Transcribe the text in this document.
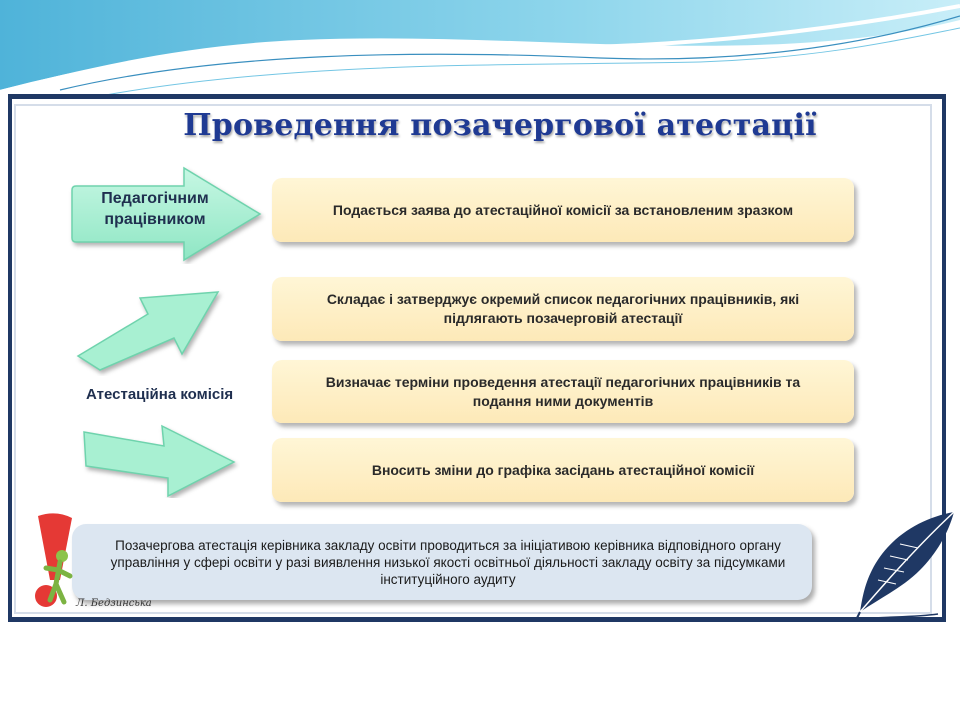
Проведення позачергової атестації
Педагогічним працівником
Атестаційна комісія
Подається заява до атестаційної комісії за встановленим зразком
Складає і затверджує окремий список педагогічних працівників, які підлягають позачерговій атестації
Визначає терміни проведення атестації педагогічних працівників та подання ними документів
Вносить зміни до графіка засідань атестаційної комісії
Позачергова атестація керівника закладу освіти проводиться за ініціативою керівника відповідного органу управління у сфері освіти у разі виявлення низької якості освітньої діяльності закладу освіту за підсумками інституційного аудиту
Л. Бедзинська
